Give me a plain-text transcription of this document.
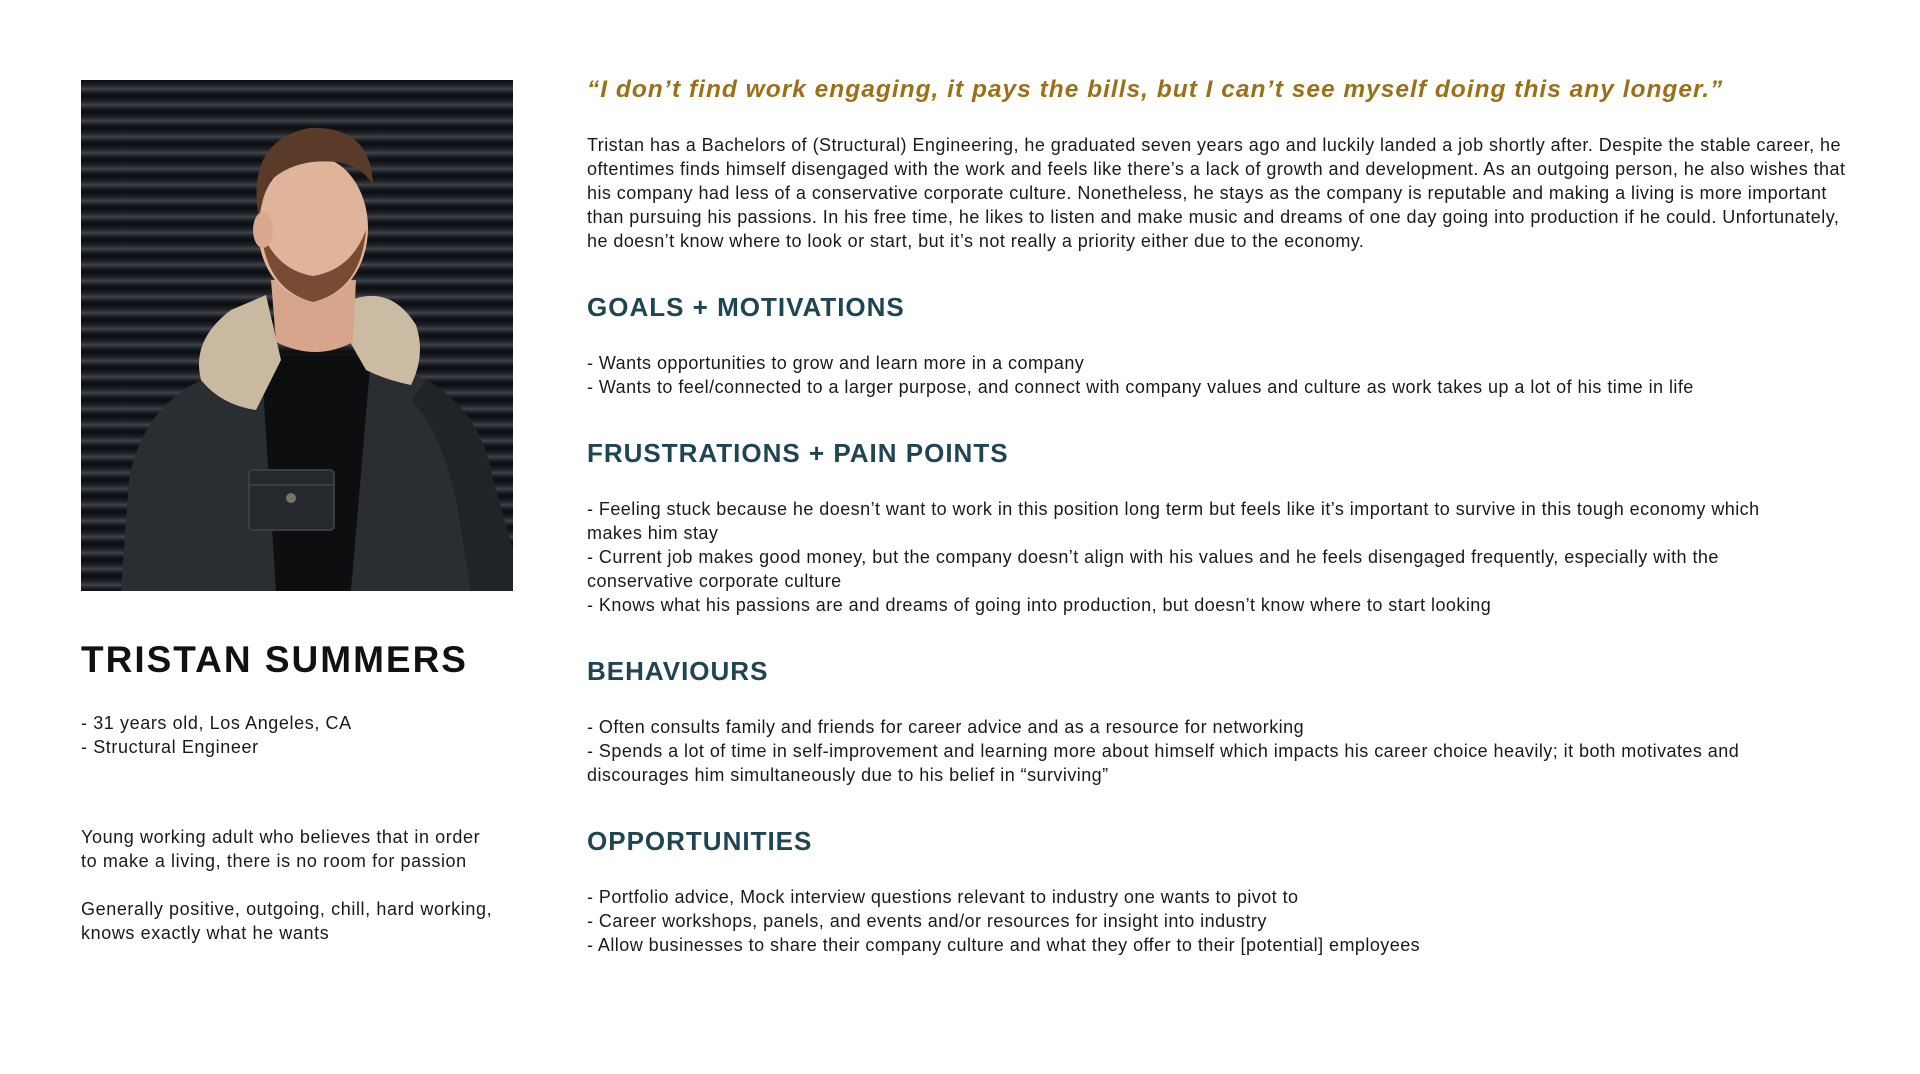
TRISTAN SUMMERS
- 31 years old, Los Angeles, CA
- Structural Engineer

Young working adult who believes that in order to make a living, there is no room for passion

Generally positive, outgoing, chill, hard working, knows exactly what he wants

“I don’t find work engaging, it pays the bills, but I can’t see myself doing this any longer.”

Tristan has a Bachelors of (Structural) Engineering, he graduated seven years ago and luckily landed a job shortly after. Despite the stable career, he oftentimes finds himself disengaged with the work and feels like there’s a lack of growth and development. As an outgoing person, he also wishes that his company had less of a conservative corporate culture. Nonetheless, he stays as the company is reputable and making a living is more important than pursuing his passions. In his free time, he likes to listen and make music and dreams of one day going into production if he could. Unfortunately, he doesn’t know where to look or start, but it’s not really a priority either due to the economy.

GOALS + MOTIVATIONS
- Wants opportunities to grow and learn more in a company
- Wants to feel/connected to a larger purpose, and connect with company values and culture as work takes up a lot of his time in life
FRUSTRATIONS + PAIN POINTS
- Feeling stuck because he doesn’t want to work in this position long term but feels like it’s important to survive in this tough economy which makes him stay
- Current job makes good money, but the company doesn’t align with his values and he feels disengaged frequently, especially with the conservative corporate culture
- Knows what his passions are and dreams of going into production, but doesn’t know where to start looking
BEHAVIOURS
- Often consults family and friends for career advice and as a resource for networking
- Spends a lot of time in self-improvement and learning more about himself which impacts his career choice heavily; it both motivates and discourages him simultaneously due to his belief in “surviving”
OPPORTUNITIES
- Portfolio advice, Mock interview questions relevant to industry one wants to pivot to
- Career workshops, panels, and events and/or resources for insight into industry
- Allow businesses to share their company culture and what they offer to their [potential] employees
